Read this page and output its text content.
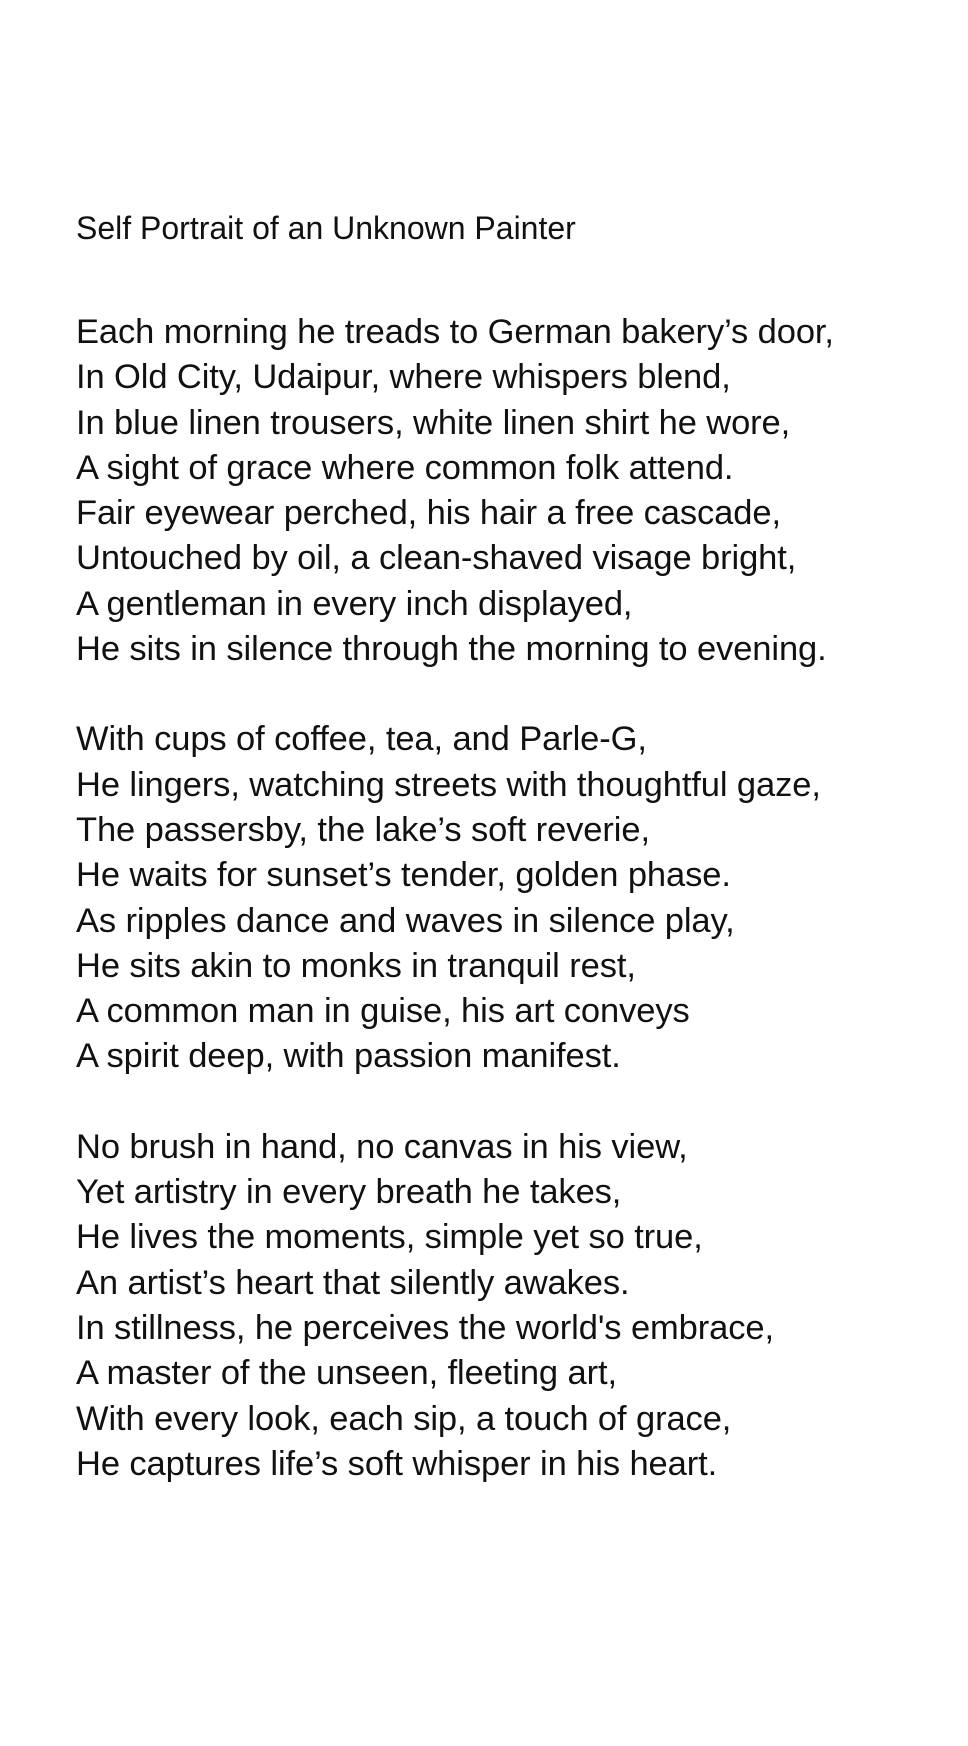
Self Portrait of an Unknown Painter
Each morning he treads to German bakery’s door,
In Old City, Udaipur, where whispers blend,
In blue linen trousers, white linen shirt he wore,
A sight of grace where common folk attend.
Fair eyewear perched, his hair a free cascade,
Untouched by oil, a clean-shaved visage bright,
A gentleman in every inch displayed,
He sits in silence through the morning to evening.
With cups of coffee, tea, and Parle-G,
He lingers, watching streets with thoughtful gaze,
The passersby, the lake’s soft reverie,
He waits for sunset’s tender, golden phase.
As ripples dance and waves in silence play,
He sits akin to monks in tranquil rest,
A common man in guise, his art conveys
A spirit deep, with passion manifest.
No brush in hand, no canvas in his view,
Yet artistry in every breath he takes,
He lives the moments, simple yet so true,
An artist’s heart that silently awakes.
In stillness, he perceives the world's embrace,
A master of the unseen, fleeting art,
With every look, each sip, a touch of grace,
He captures life’s soft whisper in his heart.
